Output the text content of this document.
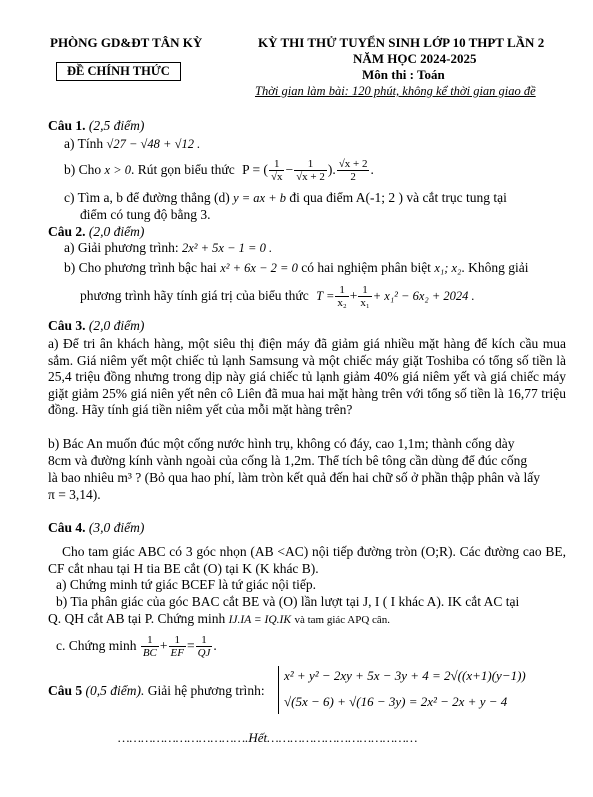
PHÒNG GD&ĐT TÂN KỲ
ĐỀ CHÍNH THỨC
KỲ THI THỬ TUYỂN SINH LỚP 10 THPT LẦN 2
NĂM HỌC 2024-2025
Môn thi : Toán
Thời gian làm bài: 120 phút, không kể thời gian giao đề
Câu 1. (2,5 điểm)
a) Tính √27 − √48 + √12 .
b) Cho x > 0. Rút gọn biểu thức P = ( $\frac{1}{√x} - \frac{1}{√x + 2}$ ). $\frac{√x + 2}{2}$ .
c) Tìm a, b để đường thẳng (d) y = ax + b đi qua điểm A(-1; 2 ) và cắt trục tung tại
điểm có tung độ bằng 3.
Câu 2. (2,0 điểm)
a) Giải phương trình: 2x² + 5x − 1 = 0 .
b) Cho phương trình bậc hai x² + 6x − 2 = 0 có hai nghiệm phân biệt x₁; x₂. Không giải
phương trình hãy tính giá trị của biểu thức $T = \frac{1}{\text{x₂}} + \frac{1}{\text{x₁}} + x_1^2 - 6x_2 + 2024$ .
Câu 3. (2,0 điểm)
a) Để tri ân khách hàng, một siêu thị điện máy đã giảm giá nhiều mặt hàng để kích cầu mua sắm. Giá niêm yết một chiếc tủ lạnh Samsung và một chiếc máy giặt Toshiba có tổng số tiền là 25,4 triệu đồng nhưng trong dịp này giá chiếc tủ lạnh giảm 40% giá niêm yết và giá chiếc máy giặt giảm 25% giá niên yết nên cô Liên đã mua hai mặt hàng trên với tổng số tiền là 16,77 triệu đồng. Hãy tính giá tiền niêm yết của mỗi mặt hàng trên?
b) Bác An muốn đúc một cống nước hình trụ, không có đáy, cao 1,1m; thành cống dày
8cm và đường kính vành ngoài của cống là 1,2m. Thể tích bê tông cần dùng để đúc cống
là bao nhiêu m³ ? (Bỏ qua hao phí, làm tròn kết quả đến hai chữ số ở phần thập phân và lấy
π = 3,14).
Câu 4. (3,0 điểm)
Cho tam giác ABC có 3 góc nhọn (AB <AC) nội tiếp đường tròn (O;R). Các đường cao BE, CF cắt nhau tại H tia BE cắt (O) tại K (K khác B).
a) Chứng minh tứ giác BCEF là tứ giác nội tiếp.
b) Tia phân giác của góc BAC cắt BE và (O) lần lượt tại J, I ( I khác A). IK cắt AC tại
Q. QH cắt AB tại P. Chứng minh IJ.IA = IQ.IK và tam giác APQ cân.
c. Chứng minh $\frac{1}{BC} + \frac{1}{EF} = \frac{1}{QJ}$ .
Câu 5 (0,5 điểm). Giải hệ phương trình:
x² + y² − 2xy + 5x − 3y + 4 = 2√((x+1)(y−1))
√(5x − 6) + √(16 − 3y) = 2x² − 2x + y − 4
…………………………….Hết…………………………………
